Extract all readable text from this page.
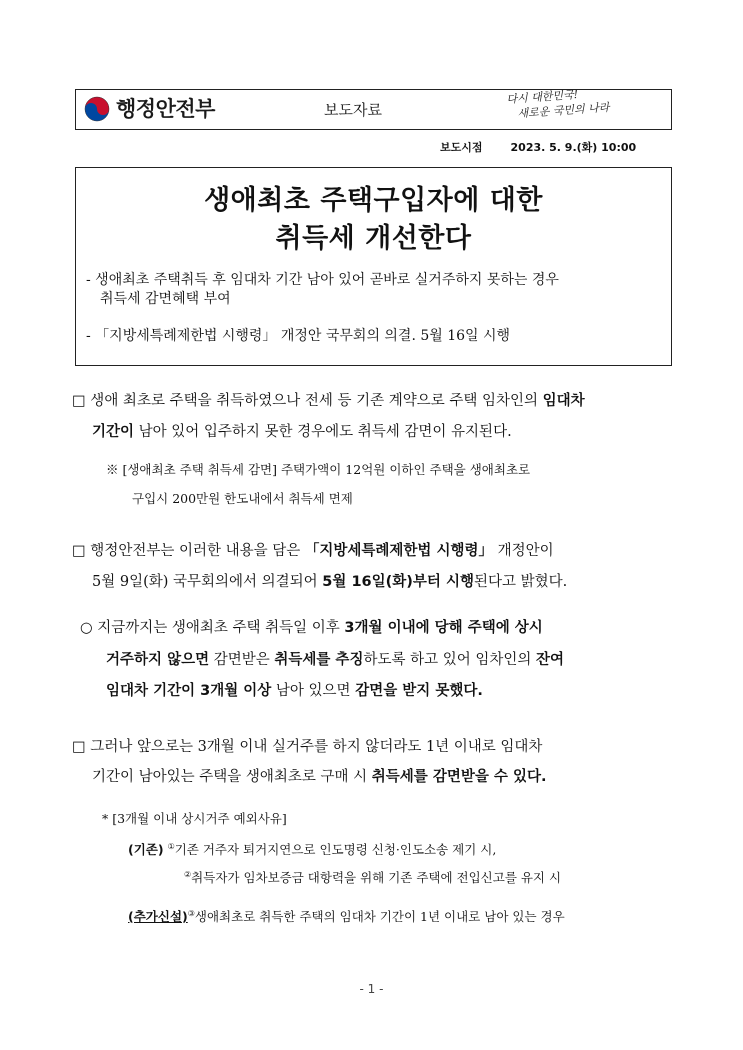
행정안전부	보도자료
다시 대한민국!
새로운 국민의 나라
보도시점	2023. 5. 9.(화) 10:00
생애최초 주택구입자에 대한
취득세 개선한다
- 생애최초 주택취득 후 임대차 기간 남아 있어 곧바로 실거주하지 못하는 경우
취득세 감면혜택 부여
- 「지방세특례제한법 시행령」 개정안 국무회의 의결. 5월 16일 시행
□ 생애 최초로 주택을 취득하였으나 전세 등 기존 계약으로 주택 임차인의 임대차
기간이 남아 있어 입주하지 못한 경우에도 취득세 감면이 유지된다.
※ [생애최초 주택 취득세 감면] 주택가액이 12억원 이하인 주택을 생애최초로
구입시 200만원 한도내에서 취득세 면제
□ 행정안전부는 이러한 내용을 담은 「지방세특례제한법 시행령」 개정안이
5월 9일(화) 국무회의에서 의결되어 5월 16일(화)부터 시행된다고 밝혔다.
○ 지금까지는 생애최초 주택 취득일 이후 3개월 이내에 당해 주택에 상시
거주하지 않으면 감면받은 취득세를 추징하도록 하고 있어 임차인의 잔여
임대차 기간이 3개월 이상 남아 있으면 감면을 받지 못했다.
□ 그러나 앞으로는 3개월 이내 실거주를 하지 않더라도 1년 이내로 임대차
기간이 남아있는 주택을 생애최초로 구매 시 취득세를 감면받을 수 있다.
* [3개월 이내 상시거주 예외사유]
(기존) ①기존 거주자 퇴거지연으로 인도명령 신청·인도소송 제기 시,
②취득자가 임차보증금 대항력을 위해 기존 주택에 전입신고를 유지 시
(추가신설)③생애최초로 취득한 주택의 임대차 기간이 1년 이내로 남아 있는 경우
- 1 -
